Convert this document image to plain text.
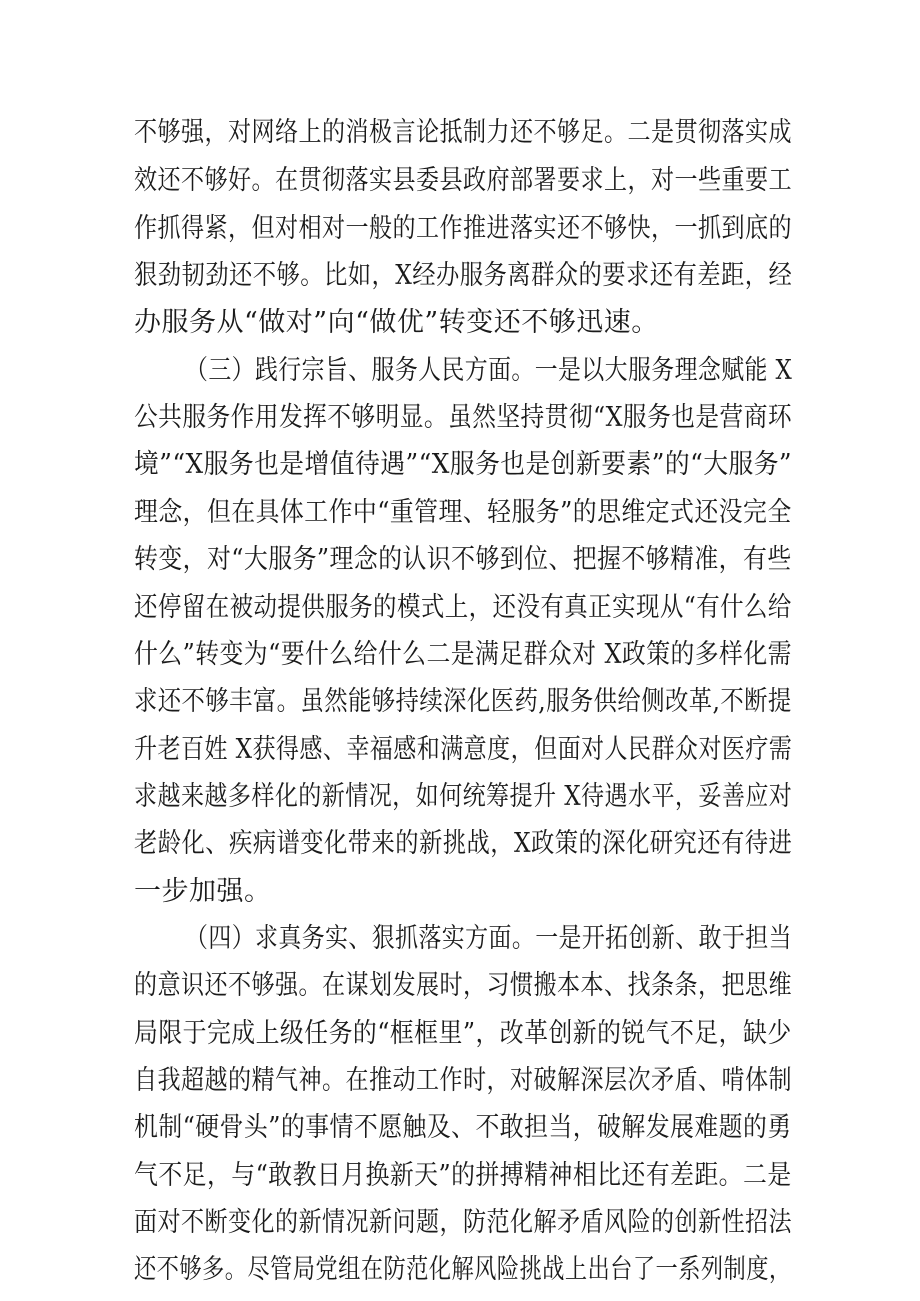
不够强，对网络上的消极言论抵制力还不够足。二是贯彻落实成
效还不够好。在贯彻落实县委县政府部署要求上，对一些重要工
作抓得紧，但对相对一般的工作推进落实还不够快，一抓到底的
狠劲韧劲还不够。比如，X经办服务离群众的要求还有差距，经
办服务从“做对”向“做优”转变还不够迅速。
（三）践行宗旨、服务人民方面。一是以大服务理念赋能 X
公共服务作用发挥不够明显。虽然坚持贯彻“X服务也是营商环
境”“X服务也是增值待遇”“X服务也是创新要素”的“大服务”
理念，但在具体工作中“重管理、轻服务”的思维定式还没完全
转变，对“大服务”理念的认识不够到位、把握不够精准，有些
还停留在被动提供服务的模式上，还没有真正实现从“有什么给
什么”转变为“要什么给什么二是满足群众对 X政策的多样化需
求还不够丰富。虽然能够持续深化医药,服务供给侧改革,不断提
升老百姓 X获得感、幸福感和满意度，但面对人民群众对医疗需
求越来越多样化的新情况，如何统筹提升 X待遇水平，妥善应对
老龄化、疾病谱变化带来的新挑战，X政策的深化研究还有待进
一步加强。
（四）求真务实、狠抓落实方面。一是开拓创新、敢于担当
的意识还不够强。在谋划发展时，习惯搬本本、找条条，把思维
局限于完成上级任务的“框框里”，改革创新的锐气不足，缺少
自我超越的精气神。在推动工作时，对破解深层次矛盾、啃体制
机制“硬骨头”的事情不愿触及、不敢担当，破解发展难题的勇
气不足，与“敢教日月换新天”的拼搏精神相比还有差距。二是
面对不断变化的新情况新问题，防范化解矛盾风险的创新性招法
还不够多。尽管局党组在防范化解风险挑战上出台了一系列制度，
